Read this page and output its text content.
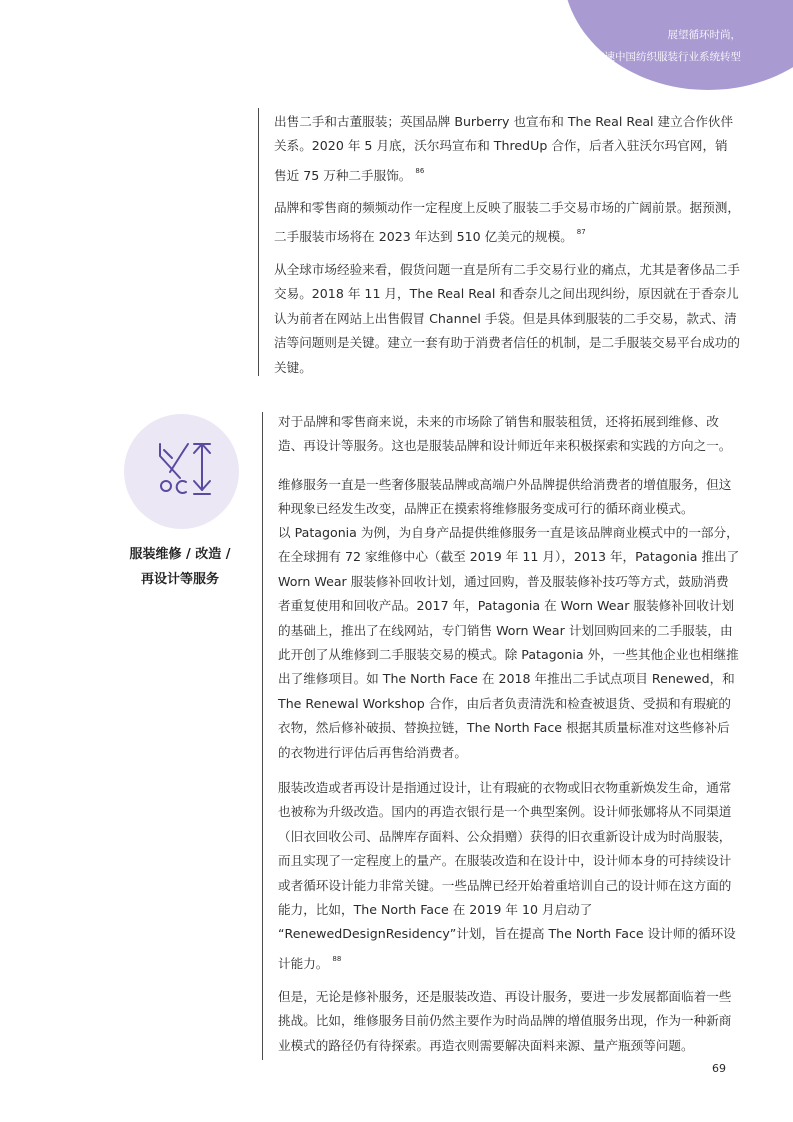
展望循环时尚，
加速中国纺织服装行业系统转型

出售二手和古董服装；英国品牌 Burberry 也宣布和 The Real Real 建立合作伙伴关系。2020 年 5 月底，沃尔玛宣布和 ThredUp 合作，后者入驻沃尔玛官网，销售近 75 万种二手服饰。 $^{86}$

品牌和零售商的频频动作一定程度上反映了服装二手交易市场的广阔前景。据预测，二手服装市场将在 2023 年达到 510 亿美元的规模。 $^{87}$

从全球市场经验来看，假货问题一直是所有二手交易行业的痛点，尤其是奢侈品二手交易。2018 年 11 月，The Real Real 和香奈儿之间出现纠纷，原因就在于香奈儿认为前者在网站上出售假冒 Channel 手袋。但是具体到服装的二手交易，款式、清洁等问题则是关键。建立一套有助于消费者信任的机制，是二手服装交易平台成功的关键。

服装维修 / 改造 /
再设计等服务

对于品牌和零售商来说，未来的市场除了销售和服装租赁，还将拓展到维修、改造、再设计等服务。这也是服装品牌和设计师近年来积极探索和实践的方向之一。

维修服务一直是一些奢侈服装品牌或高端户外品牌提供给消费者的增值服务，但这种现象已经发生改变，品牌正在摸索将维修服务变成可行的循环商业模式。

以 Patagonia 为例，为自身产品提供维修服务一直是该品牌商业模式中的一部分，在全球拥有 72 家维修中心（截至 2019 年 11 月），2013 年，Patagonia 推出了 Worn Wear 服装修补回收计划，通过回购，普及服装修补技巧等方式，鼓励消费者重复使用和回收产品。2017 年，Patagonia 在 Worn Wear 服装修补回收计划的基础上，推出了在线网站，专门销售 Worn Wear 计划回购回来的二手服装，由此开创了从维修到二手服装交易的模式。除 Patagonia 外，一些其他企业也相继推出了维修项目。如 The North Face 在 2018 年推出二手试点项目 Renewed，和 The Renewal Workshop 合作，由后者负责清洗和检查被退货、受损和有瑕疵的衣物，然后修补破损、替换拉链，The North Face 根据其质量标准对这些修补后的衣物进行评估后再售给消费者。

服装改造或者再设计是指通过设计，让有瑕疵的衣物或旧衣物重新焕发生命，通常也被称为升级改造。国内的再造衣银行是一个典型案例。设计师张娜将从不同渠道（旧衣回收公司、品牌库存面料、公众捐赠）获得的旧衣重新设计成为时尚服装，而且实现了一定程度上的量产。在服装改造和在设计中，设计师本身的可持续设计或者循环设计能力非常关键。一些品牌已经开始着重培训自己的设计师在这方面的能力，比如，The North Face 在 2019 年 10 月启动了 “RenewedDesignResidency”计划，旨在提高 The North Face 设计师的循环设计能力。 $^{88}$

但是，无论是修补服务，还是服装改造、再设计服务，要进一步发展都面临着一些挑战。比如，维修服务目前仍然主要作为时尚品牌的增值服务出现，作为一种新商业模式的路径仍有待探索。再造衣则需要解决面料来源、量产瓶颈等问题。

69
